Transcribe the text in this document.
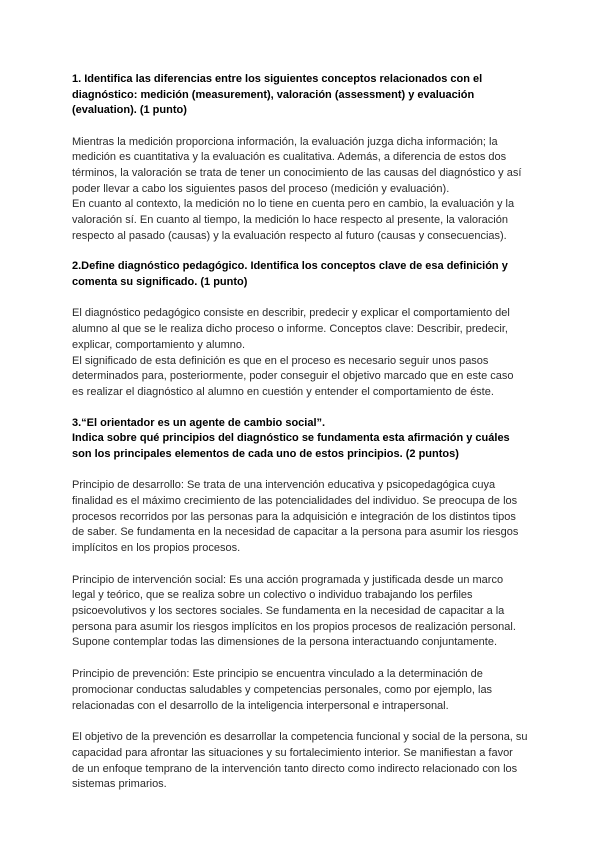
1. Identifica las diferencias entre los siguientes conceptos relacionados con el diagnóstico: medición (measurement), valoración (assessment) y evaluación (evaluation). (1 punto)

Mientras la medición proporciona información, la evaluación juzga dicha información; la medición es cuantitativa y la evaluación es cualitativa. Además, a diferencia de estos dos términos, la valoración se trata de tener un conocimiento de las causas del diagnóstico y así poder llevar a cabo los siguientes pasos del proceso (medición y evaluación).

En cuanto al contexto, la medición no lo tiene en cuenta pero en cambio, la evaluación y la valoración sí. En cuanto al tiempo, la medición lo hace respecto al presente, la valoración respecto al pasado (causas) y la evaluación respecto al futuro (causas y consecuencias).

2.Define diagnóstico pedagógico. Identifica los conceptos clave de esa definición y comenta su significado. (1 punto)

El diagnóstico pedagógico consiste en describir, predecir y explicar el comportamiento del alumno al que se le realiza dicho proceso o informe. Conceptos clave: Describir, predecir, explicar, comportamiento y alumno.

El significado de esta definición es que en el proceso es necesario seguir unos pasos determinados para, posteriormente, poder conseguir el objetivo marcado que en este caso es realizar el diagnóstico al alumno en cuestión y entender el comportamiento de éste.

3.“El orientador es un agente de cambio social”.

Indica sobre qué principios del diagnóstico se fundamenta esta afirmación y cuáles son los principales elementos de cada uno de estos principios. (2 puntos)

Principio de desarrollo: Se trata de una intervención educativa y psicopedagógica cuya finalidad es el máximo crecimiento de las potencialidades del individuo. Se preocupa de los procesos recorridos por las personas para la adquisición e integración de los distintos tipos de saber. Se fundamenta en la necesidad de capacitar a la persona para asumir los riesgos implícitos en los propios procesos.

Principio de intervención social: Es una acción programada y justificada desde un marco legal y teórico, que se realiza sobre un colectivo o individuo trabajando los perfiles psicoevolutivos y los sectores sociales. Se fundamenta en la necesidad de capacitar a la persona para asumir los riesgos implícitos en los propios procesos de realización personal. Supone contemplar todas las dimensiones de la persona interactuando conjuntamente.

Principio de prevención: Este principio se encuentra vinculado a la determinación de promocionar conductas saludables y competencias personales, como por ejemplo, las relacionadas con el desarrollo de la inteligencia interpersonal e intrapersonal.

El objetivo de la prevención es desarrollar la competencia funcional y social de la persona, su capacidad para afrontar las situaciones y su fortalecimiento interior. Se manifiestan a favor de un enfoque temprano de la intervención tanto directo como indirecto relacionado con los sistemas primarios.
